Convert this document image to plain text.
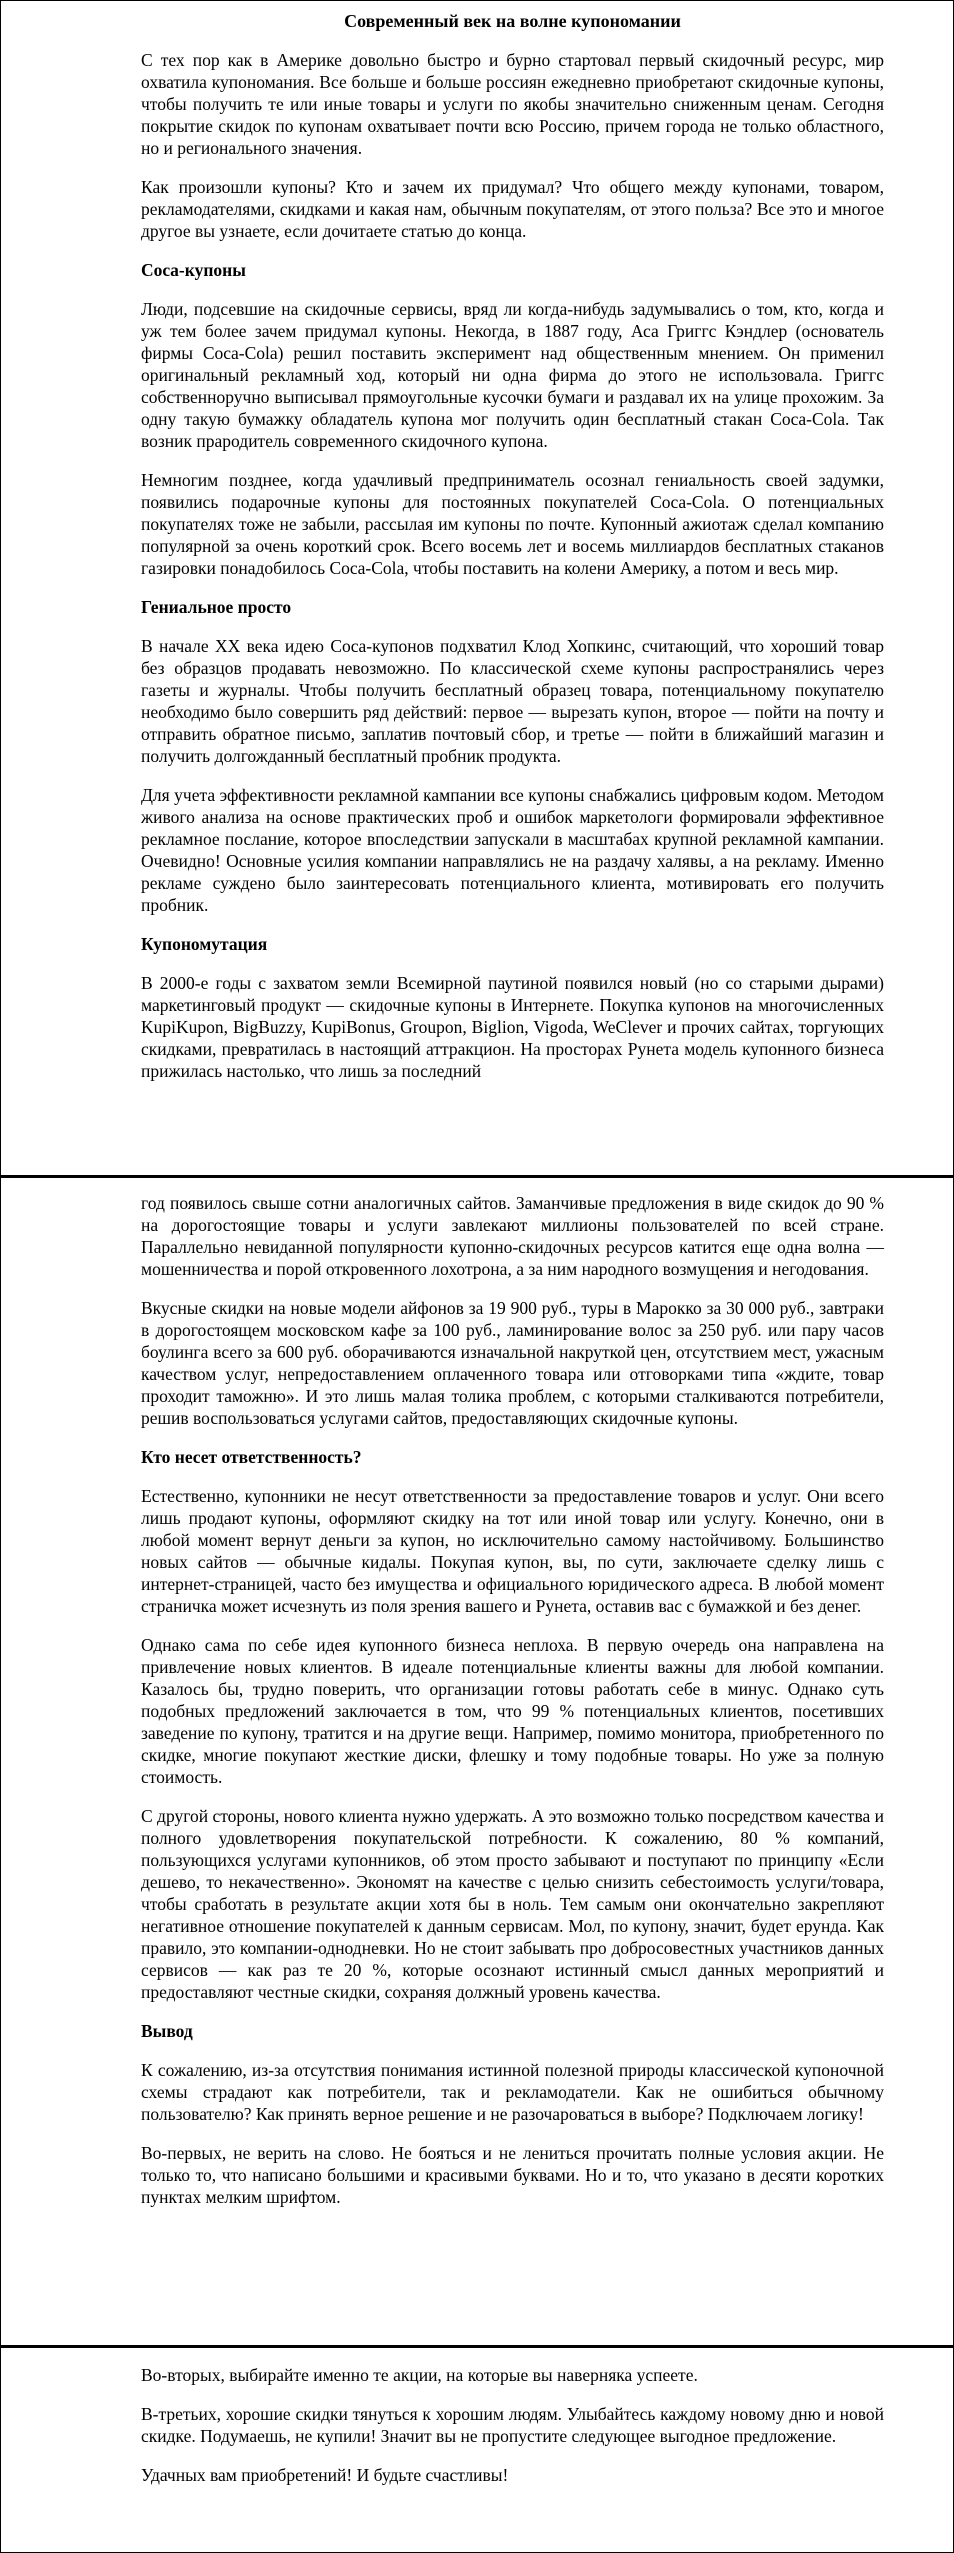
Современный век на волне купономании

С тех пор как в Америке довольно быстро и бурно стартовал первый скидочный ресурс, мир охватила купономания. Все больше и больше россиян ежедневно приобретают скидочные купоны, чтобы получить те или иные товары и услуги по якобы значительно сниженным ценам. Сегодня покрытие скидок по купонам охватывает почти всю Россию, причем города не только областного, но и регионального значения.

Как произошли купоны? Кто и зачем их придумал? Что общего между купонами, товаром, рекламодателями, скидками и какая нам, обычным покупателям, от этого польза? Все это и многое другое вы узнаете, если дочитаете статью до конца.

Coca-купоны

Люди, подсевшие на скидочные сервисы, вряд ли когда-нибудь задумывались о том, кто, когда и уж тем более зачем придумал купоны. Некогда, в 1887 году, Аса Григгс Кэндлер (основатель фирмы Coca-Cola) решил поставить эксперимент над общественным мнением. Он применил оригинальный рекламный ход, который ни одна фирма до этого не использовала. Григгс собственноручно выписывал прямоугольные кусочки бумаги и раздавал их на улице прохожим. За одну такую бумажку обладатель купона мог получить один бесплатный стакан Coca-Cola. Так возник прародитель современного скидочного купона.

Немногим позднее, когда удачливый предприниматель осознал гениальность своей задумки, появились подарочные купоны для постоянных покупателей Coca-Cola. О потенциальных покупателях тоже не забыли, рассылая им купоны по почте. Купонный ажиотаж сделал компанию популярной за очень короткий срок. Всего восемь лет и восемь миллиардов бесплатных стаканов газировки понадобилось Coca-Cola, чтобы поставить на колени Америку, а потом и весь мир.

Гениальное просто

В начале XX века идею Coca-купонов подхватил Клод Хопкинс, считающий, что хороший товар без образцов продавать невозможно. По классической схеме купоны распространялись через газеты и журналы. Чтобы получить бесплатный образец товара, потенциальному покупателю необходимо было совершить ряд действий: первое — вырезать купон, второе — пойти на почту и отправить обратное письмо, заплатив почтовый сбор, и третье — пойти в ближайший магазин и получить долгожданный бесплатный пробник продукта.

Для учета эффективности рекламной кампании все купоны снабжались цифровым кодом. Методом живого анализа на основе практических проб и ошибок маркетологи формировали эффективное рекламное послание, которое впоследствии запускали в масштабах крупной рекламной кампании. Очевидно! Основные усилия компании направлялись не на раздачу халявы, а на рекламу. Именно рекламе суждено было заинтересовать потенциального клиента, мотивировать его получить пробник.

Купономутация

В 2000-е годы с захватом земли Всемирной паутиной появился новый (но со старыми дырами) маркетинговый продукт — скидочные купоны в Интернете. Покупка купонов на многочисленных KupiKupon, BigBuzzy, KupiBonus, Groupon, Biglion, Vigoda, WeClever и прочих сайтах, торгующих скидками, превратилась в настоящий аттракцион. На просторах Рунета модель купонного бизнеса прижилась настолько, что лишь за последний

год появилось свыше сотни аналогичных сайтов. Заманчивые предложения в виде скидок до 90 % на дорогостоящие товары и услуги завлекают миллионы пользователей по всей стране. Параллельно невиданной популярности купонно-скидочных ресурсов катится еще одна волна — мошенничества и порой откровенного лохотрона, а за ним народного возмущения и негодования.

Вкусные скидки на новые модели айфонов за 19 900 руб., туры в Марокко за 30 000 руб., завтраки в дорогостоящем московском кафе за 100 руб., ламинирование волос за 250 руб. или пару часов боулинга всего за 600 руб. оборачиваются изначальной накруткой цен, отсутствием мест, ужасным качеством услуг, непредоставлением оплаченного товара или отговорками типа «ждите, товар проходит таможню». И это лишь малая толика проблем, с которыми сталкиваются потребители, решив воспользоваться услугами сайтов, предоставляющих скидочные купоны.

Кто несет ответственность?

Естественно, купонники не несут ответственности за предоставление товаров и услуг. Они всего лишь продают купоны, оформляют скидку на тот или иной товар или услугу. Конечно, они в любой момент вернут деньги за купон, но исключительно самому настойчивому. Большинство новых сайтов — обычные кидалы. Покупая купон, вы, по сути, заключаете сделку лишь с интернет-страницей, часто без имущества и официального юридического адреса. В любой момент страничка может исчезнуть из поля зрения вашего и Рунета, оставив вас с бумажкой и без денег.

Однако сама по себе идея купонного бизнеса неплоха. В первую очередь она направлена на привлечение новых клиентов. В идеале потенциальные клиенты важны для любой компании. Казалось бы, трудно поверить, что организации готовы работать себе в минус. Однако суть подобных предложений заключается в том, что 99 % потенциальных клиентов, посетивших заведение по купону, тратится и на другие вещи. Например, помимо монитора, приобретенного по скидке, многие покупают жесткие диски, флешку и тому подобные товары. Но уже за полную стоимость.

С другой стороны, нового клиента нужно удержать. А это возможно только посредством качества и полного удовлетворения покупательской потребности. К сожалению, 80 % компаний, пользующихся услугами купонников, об этом просто забывают и поступают по принципу «Если дешево, то некачественно». Экономят на качестве с целью снизить себестоимость услуги/товара, чтобы сработать в результате акции хотя бы в ноль. Тем самым они окончательно закрепляют негативное отношение покупателей к данным сервисам. Мол, по купону, значит, будет ерунда. Как правило, это компании-однодневки. Но не стоит забывать про добросовестных участников данных сервисов — как раз те 20 %, которые осознают истинный смысл данных мероприятий и предоставляют честные скидки, сохраняя должный уровень качества.

Вывод

К сожалению, из-за отсутствия понимания истинной полезной природы классической купоночной схемы страдают как потребители, так и рекламодатели. Как не ошибиться обычному пользователю? Как принять верное решение и не разочароваться в выборе? Подключаем логику!

Во-первых, не верить на слово. Не бояться и не лениться прочитать полные условия акции. Не только то, что написано большими и красивыми буквами. Но и то, что указано в десяти коротких пунктах мелким шрифтом.

Во-вторых, выбирайте именно те акции, на которые вы наверняка успеете.

В-третьих, хорошие скидки тянуться к хорошим людям. Улыбайтесь каждому новому дню и новой скидке. Подумаешь, не купили! Значит вы не пропустите следующее выгодное предложение.

Удачных вам приобретений! И будьте счастливы!
